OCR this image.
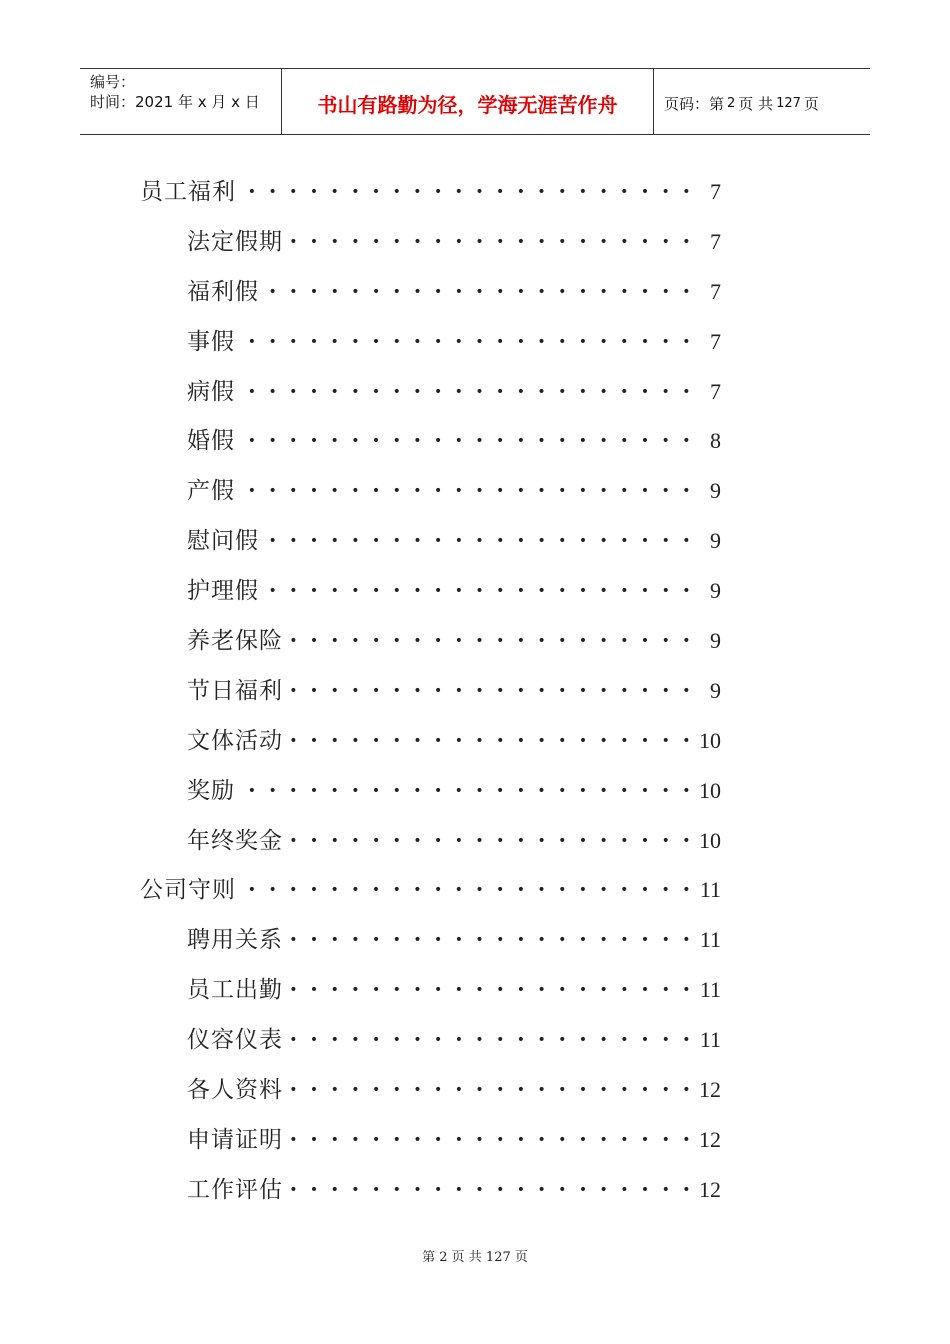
编号：
时间：2021 年 x 月 x 日	书山有路勤为径，学海无涯苦作舟	页码：第 2 页 共 127 页
员工福利 • • • • • • • • • • • • • • • • • • • • • • 7
法定假期 • • • • • • • • • • • • • • • • • • • • 7
福利假 • • • • • • • • • • • • • • • • • • • • • 7
事假 • • • • • • • • • • • • • • • • • • • • • • 7
病假 • • • • • • • • • • • • • • • • • • • • • • 7
婚假 • • • • • • • • • • • • • • • • • • • • • • 8
产假 • • • • • • • • • • • • • • • • • • • • • • 9
慰问假 • • • • • • • • • • • • • • • • • • • • • 9
护理假 • • • • • • • • • • • • • • • • • • • • • 9
养老保险 • • • • • • • • • • • • • • • • • • • • 9
节日福利 • • • • • • • • • • • • • • • • • • • • 9
文体活动 • • • • • • • • • • • • • • • • • • • • 10
奖励 • • • • • • • • • • • • • • • • • • • • • • 10
年终奖金 • • • • • • • • • • • • • • • • • • • • 10
公司守则 • • • • • • • • • • • • • • • • • • • • • • 11
聘用关系 • • • • • • • • • • • • • • • • • • • • 11
员工出勤 • • • • • • • • • • • • • • • • • • • • 11
仪容仪表 • • • • • • • • • • • • • • • • • • • • 11
各人资料 • • • • • • • • • • • • • • • • • • • • 12
申请证明 • • • • • • • • • • • • • • • • • • • • 12
工作评估 • • • • • • • • • • • • • • • • • • • • 12
第 2 页 共 127 页
